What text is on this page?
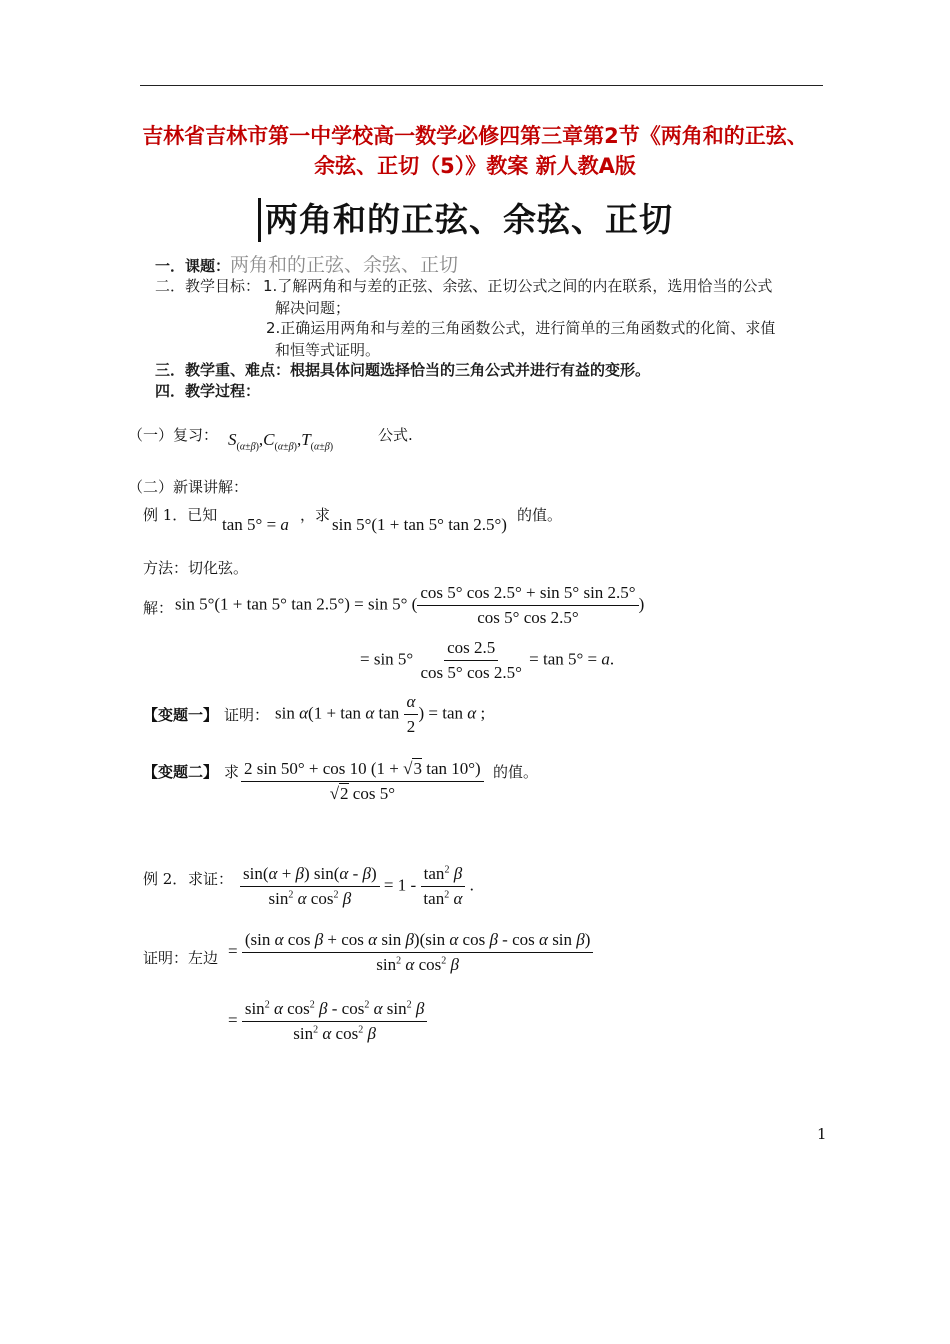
吉林省吉林市第一中学校高一数学必修四第三章第2节《两角和的正弦、
余弦、正切（5）》教案 新人教A版
两角和的正弦、余弦、正切
一．课题：两角和的正弦、余弦、正切
二．教学目标： 1.了解两角和与差的正弦、余弦、正切公式之间的内在联系，选用恰当的公式
解决问题；
2.正确运用两角和与差的三角函数公式，进行简单的三角函数式的化简、求值
和恒等式证明。
三．教学重、难点：根据具体问题选择恰当的三角公式并进行有益的变形。
四．教学过程：
（一）复习： $S_{(\alpha\pm\beta)},C_{(\alpha\pm\beta)},T_{(\alpha\pm\beta)}$
公式.
（二）新课讲解：
例 1．已知 tan 5° = a ，求 sin 5°(1 + tan 5° tan 2.5°) 的值。
方法：切化弦。
解： sin 5°(1 + tan 5° tan 2.5°) = sin 5° ( $\frac{\cos 5^\circ \cos 2.5^\circ + \sin 5^\circ \sin 2.5^\circ}{\cos 5^\circ \cos 2.5^\circ}$ )
= $\sin 5^\circ \frac{\cos 2.5}{\cos 5^\circ \cos 2.5^\circ} = \tan 5^\circ = a$.
【变题一】 证明： sin α(1 + tan α $\tan \frac{\alpha}{2}$ ) = tan α ;
【变题二】 求 $\frac{2 \sin 50^\circ + \cos 10 (1 + √3 \tan 10^\circ)}{√2 \cos 5^\circ}$ 的值。
例 2． 求证： $\frac{\sin(\alpha + \beta) \sin(\alpha - \beta)}{\sin^2 \alpha \cos^2 \beta} = 1 - \frac{\tan^2 \beta}{\tan^2 \alpha}$ .
证明：左边 = $\frac{\text{(sin α cos β + cos α sin β)(sin α cos β - cos α sin β)}}{\sin^2 \alpha \cos^2 \beta}$
= $\frac{\sin^2 \alpha \cos^2 \beta - \cos^2 \alpha \sin^2 \beta}{\sin^2 \alpha \cos^2 \beta}$
1
